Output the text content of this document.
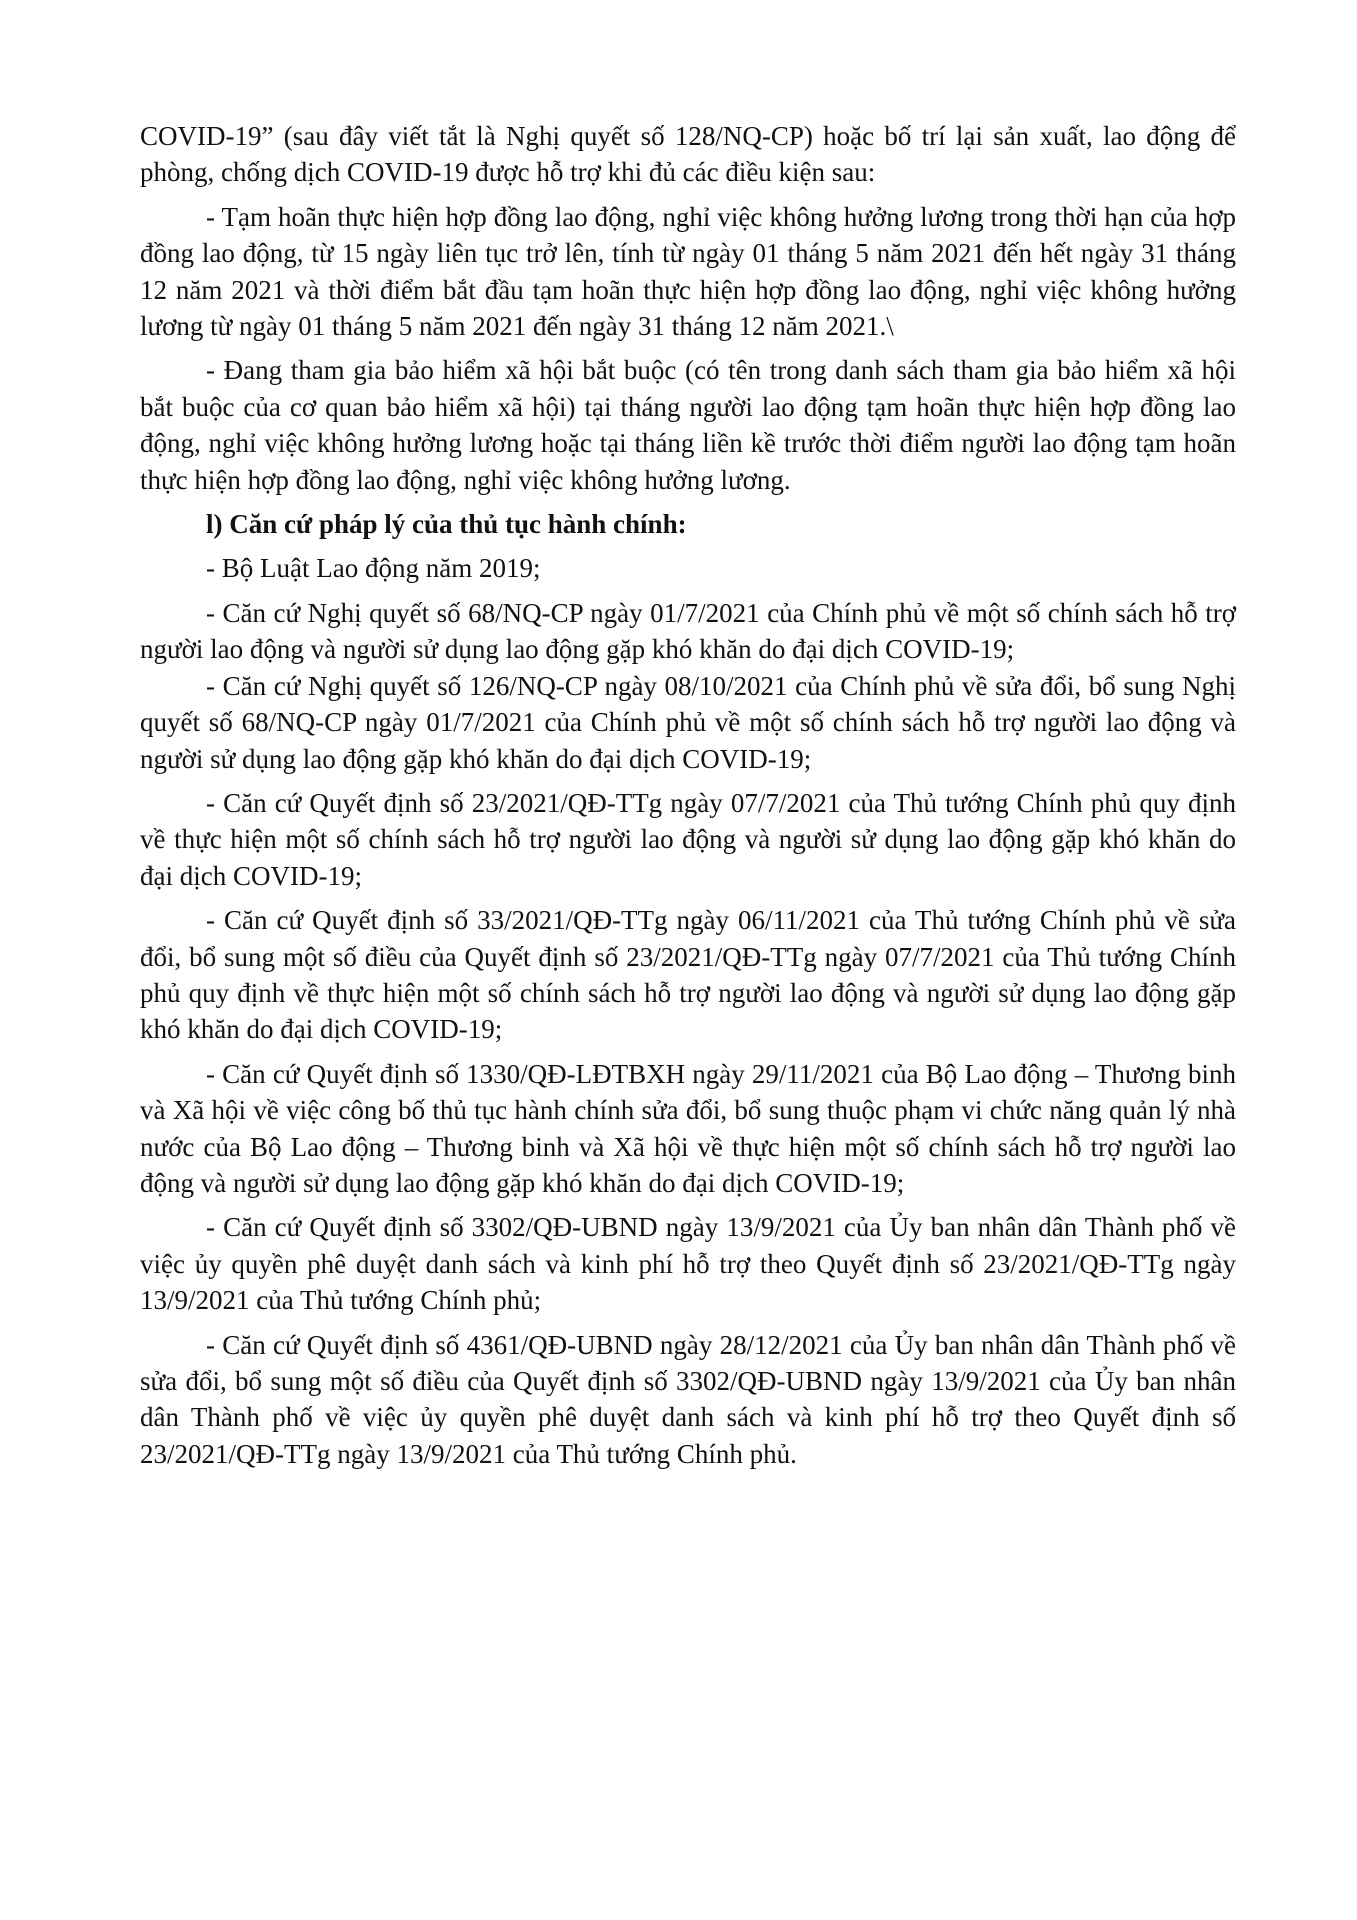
COVID-19” (sau đây viết tắt là Nghị quyết số 128/NQ-CP) hoặc bố trí lại sản xuất, lao động để phòng, chống dịch COVID-19 được hỗ trợ khi đủ các điều kiện sau:

- Tạm hoãn thực hiện hợp đồng lao động, nghỉ việc không hưởng lương trong thời hạn của hợp đồng lao động, từ 15 ngày liên tục trở lên, tính từ ngày 01 tháng 5 năm 2021 đến hết ngày 31 tháng 12 năm 2021 và thời điểm bắt đầu tạm hoãn thực hiện hợp đồng lao động, nghỉ việc không hưởng lương từ ngày 01 tháng 5 năm 2021 đến ngày 31 tháng 12 năm 2021.\

- Đang tham gia bảo hiểm xã hội bắt buộc (có tên trong danh sách tham gia bảo hiểm xã hội bắt buộc của cơ quan bảo hiểm xã hội) tại tháng người lao động tạm hoãn thực hiện hợp đồng lao động, nghỉ việc không hưởng lương hoặc tại tháng liền kề trước thời điểm người lao động tạm hoãn thực hiện hợp đồng lao động, nghỉ việc không hưởng lương.

l) Căn cứ pháp lý của thủ tục hành chính:

- Bộ Luật Lao động năm 2019;

- Căn cứ Nghị quyết số 68/NQ-CP ngày 01/7/2021 của Chính phủ về một số chính sách hỗ trợ người lao động và người sử dụng lao động gặp khó khăn do đại dịch COVID-19;

- Căn cứ Nghị quyết số 126/NQ-CP ngày 08/10/2021 của Chính phủ về sửa đổi, bổ sung Nghị quyết số 68/NQ-CP ngày 01/7/2021 của Chính phủ về một số chính sách hỗ trợ người lao động và người sử dụng lao động gặp khó khăn do đại dịch COVID-19;

- Căn cứ Quyết định số 23/2021/QĐ-TTg ngày 07/7/2021 của Thủ tướng Chính phủ quy định về thực hiện một số chính sách hỗ trợ người lao động và người sử dụng lao động gặp khó khăn do đại dịch COVID-19;

- Căn cứ Quyết định số 33/2021/QĐ-TTg ngày 06/11/2021 của Thủ tướng Chính phủ về sửa đổi, bổ sung một số điều của Quyết định số 23/2021/QĐ-TTg ngày 07/7/2021 của Thủ tướng Chính phủ quy định về thực hiện một số chính sách hỗ trợ người lao động và người sử dụng lao động gặp khó khăn do đại dịch COVID-19;

- Căn cứ Quyết định số 1330/QĐ-LĐTBXH ngày 29/11/2021 của Bộ Lao động – Thương binh và Xã hội về việc công bố thủ tục hành chính sửa đổi, bổ sung thuộc phạm vi chức năng quản lý nhà nước của Bộ Lao động – Thương binh và Xã hội về thực hiện một số chính sách hỗ trợ người lao động và người sử dụng lao động gặp khó khăn do đại dịch COVID-19;

- Căn cứ Quyết định số 3302/QĐ-UBND ngày 13/9/2021 của Ủy ban nhân dân Thành phố về việc ủy quyền phê duyệt danh sách và kinh phí hỗ trợ theo Quyết định số 23/2021/QĐ-TTg ngày 13/9/2021 của Thủ tướng Chính phủ;

- Căn cứ Quyết định số 4361/QĐ-UBND ngày 28/12/2021 của Ủy ban nhân dân Thành phố về sửa đổi, bổ sung một số điều của Quyết định số 3302/QĐ-UBND ngày 13/9/2021 của Ủy ban nhân dân Thành phố về việc ủy quyền phê duyệt danh sách và kinh phí hỗ trợ theo Quyết định số 23/2021/QĐ-TTg ngày 13/9/2021 của Thủ tướng Chính phủ.
